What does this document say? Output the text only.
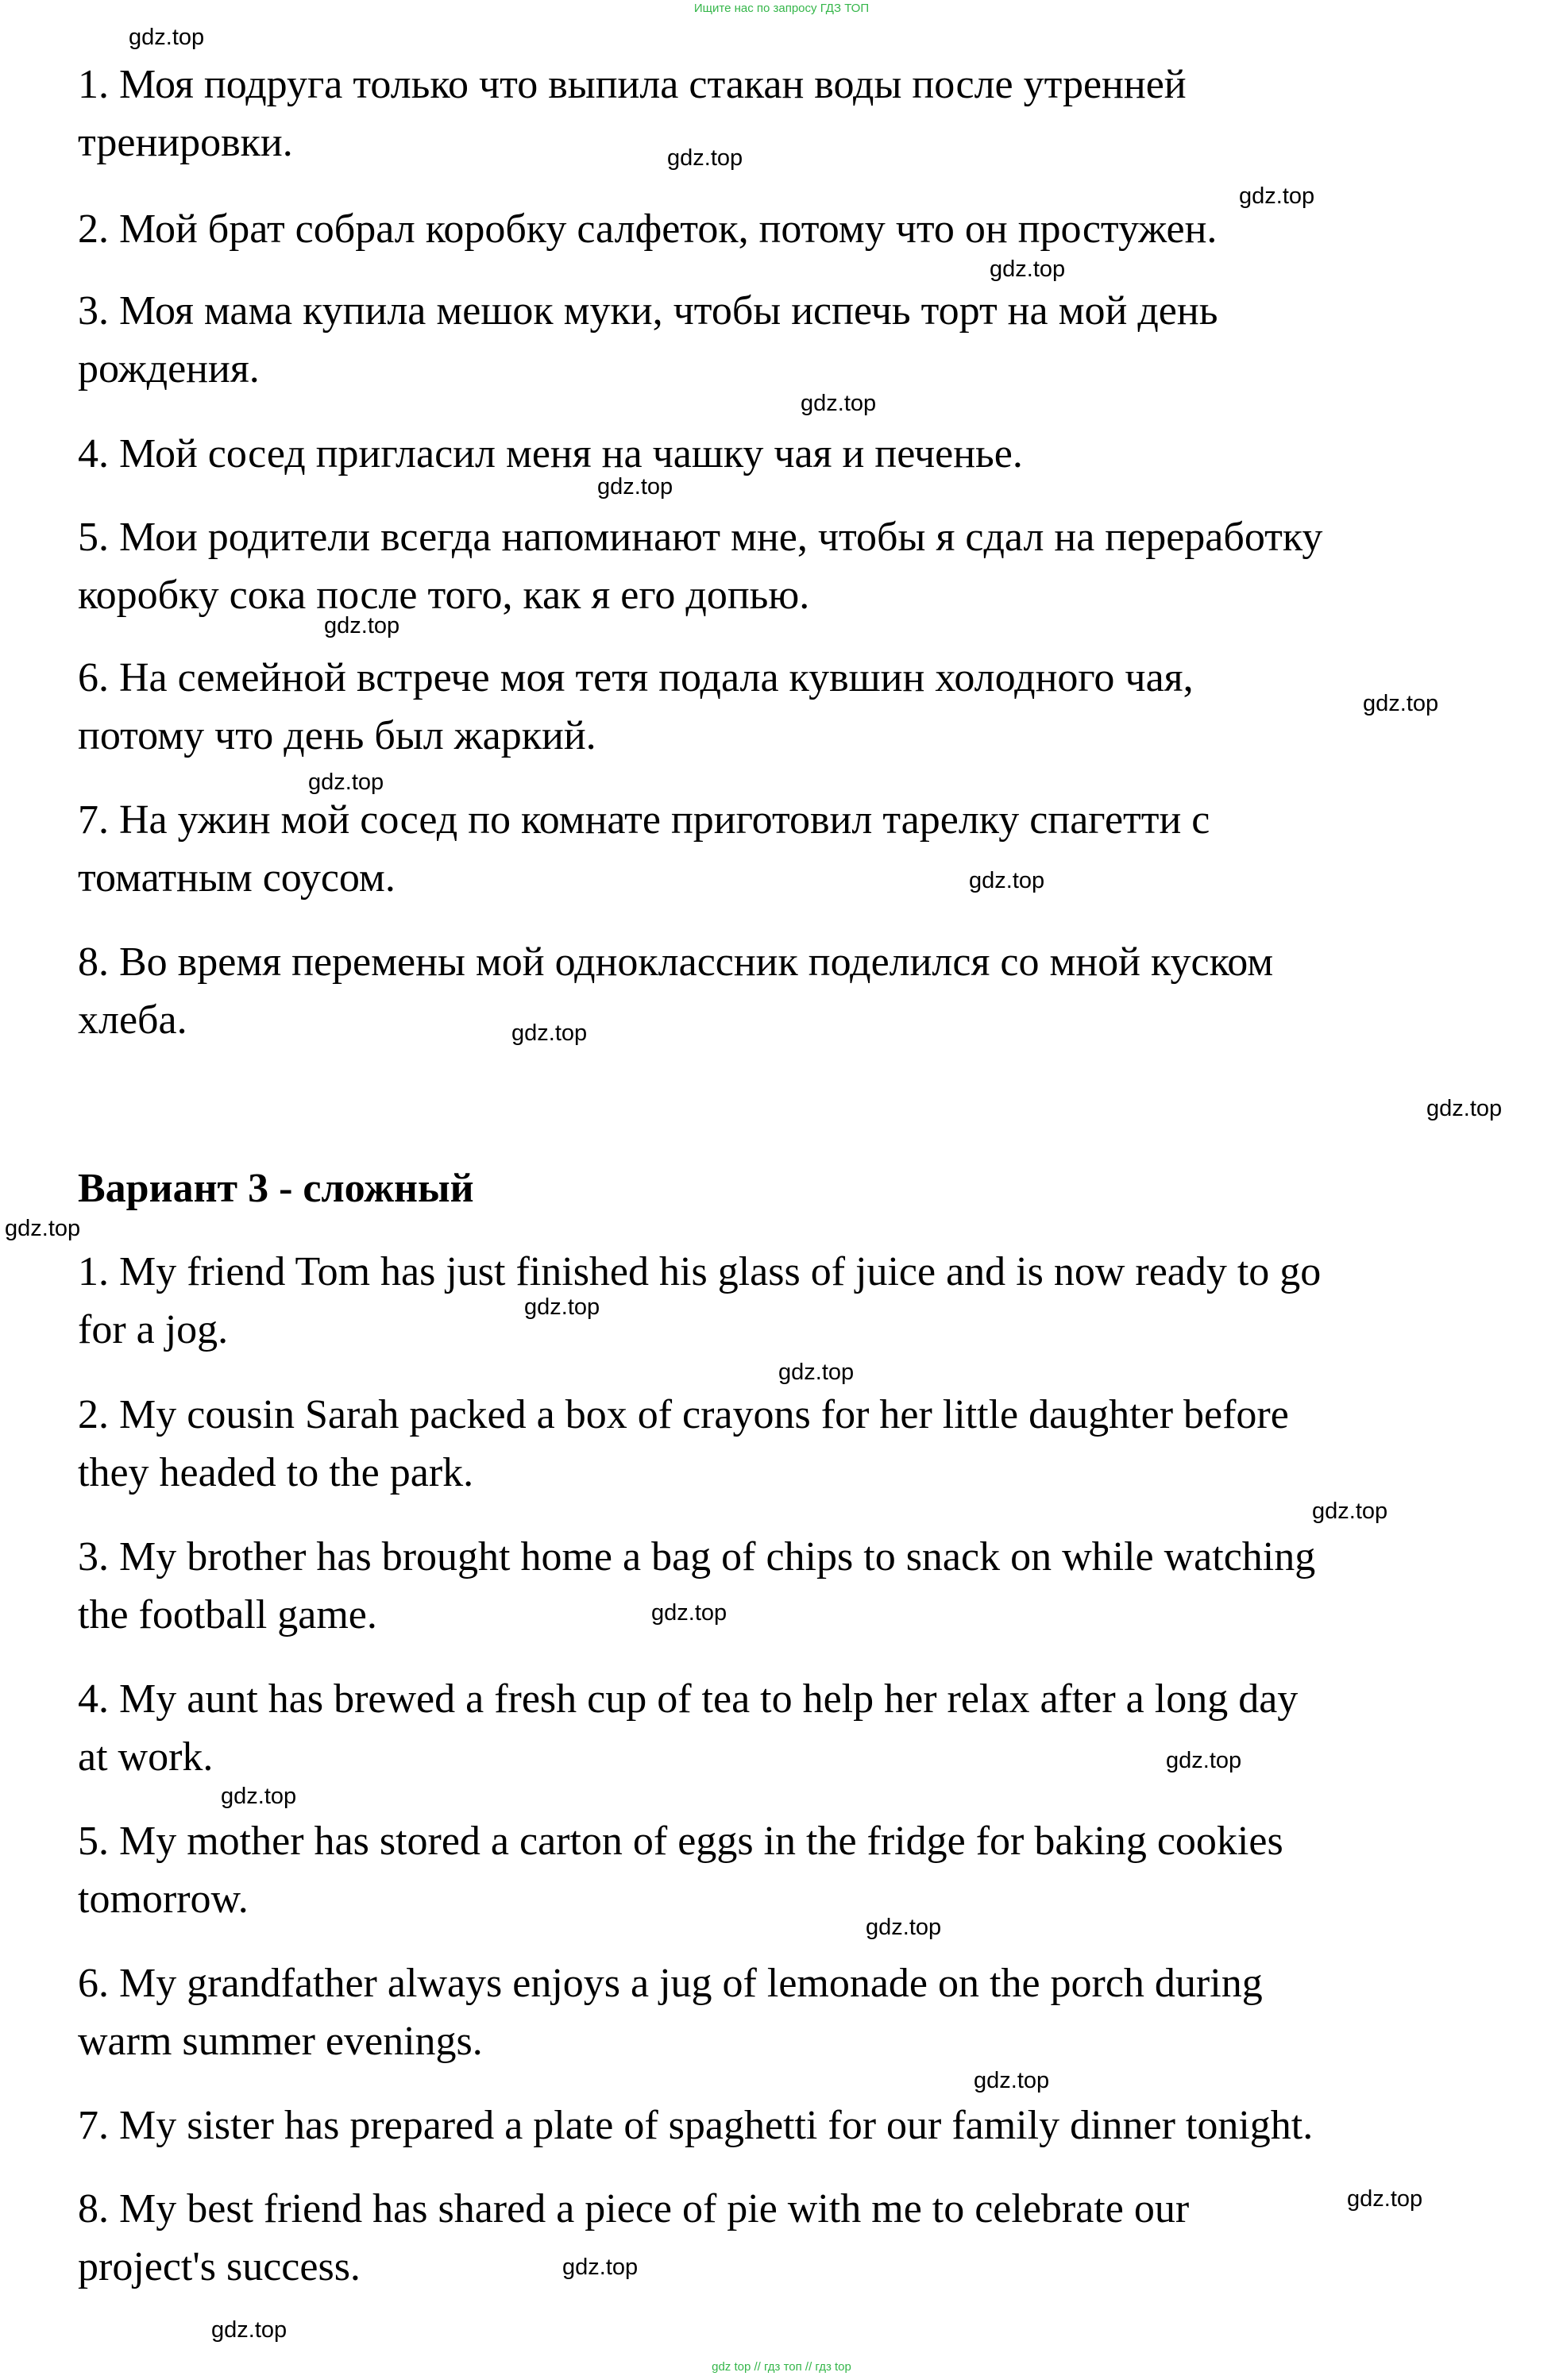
Ищите нас по запросу ГДЗ ТОП
1. Моя подруга только что выпила стакан воды после утренней
тренировки.
2. Мой брат собрал коробку салфеток, потому что он простужен.
3. Моя мама купила мешок муки, чтобы испечь торт на мой день
рождения.
4. Мой сосед пригласил меня на чашку чая и печенье.
5. Мои родители всегда напоминают мне, чтобы я сдал на переработку
коробку сока после того, как я его допью.
6. На семейной встрече моя тетя подала кувшин холодного чая,
потому что день был жаркий.
7. На ужин мой сосед по комнате приготовил тарелку спагетти с
томатным соусом.
8. Во время перемены мой одноклассник поделился со мной куском
хлеба.
Вариант 3 - сложный
1. My friend Tom has just finished his glass of juice and is now ready to go
for a jog.
2. My cousin Sarah packed a box of crayons for her little daughter before
they headed to the park.
3. My brother has brought home a bag of chips to snack on while watching
the football game.
4. My aunt has brewed a fresh cup of tea to help her relax after a long day
at work.
5. My mother has stored a carton of eggs in the fridge for baking cookies
tomorrow.
6. My grandfather always enjoys a jug of lemonade on the porch during
warm summer evenings.
7. My sister has prepared a plate of spaghetti for our family dinner tonight.
8. My best friend has shared a piece of pie with me to celebrate our
project's success.
gdz.top
gdz.top
gdz.top
gdz.top
gdz.top
gdz.top
gdz.top
gdz.top
gdz.top
gdz.top
gdz.top
gdz.top
gdz.top
gdz.top
gdz.top
gdz.top
gdz.top
gdz.top
gdz.top
gdz.top
gdz.top
gdz.top
gdz.top
gdz.top
gdz top // гдз топ // гдз top
